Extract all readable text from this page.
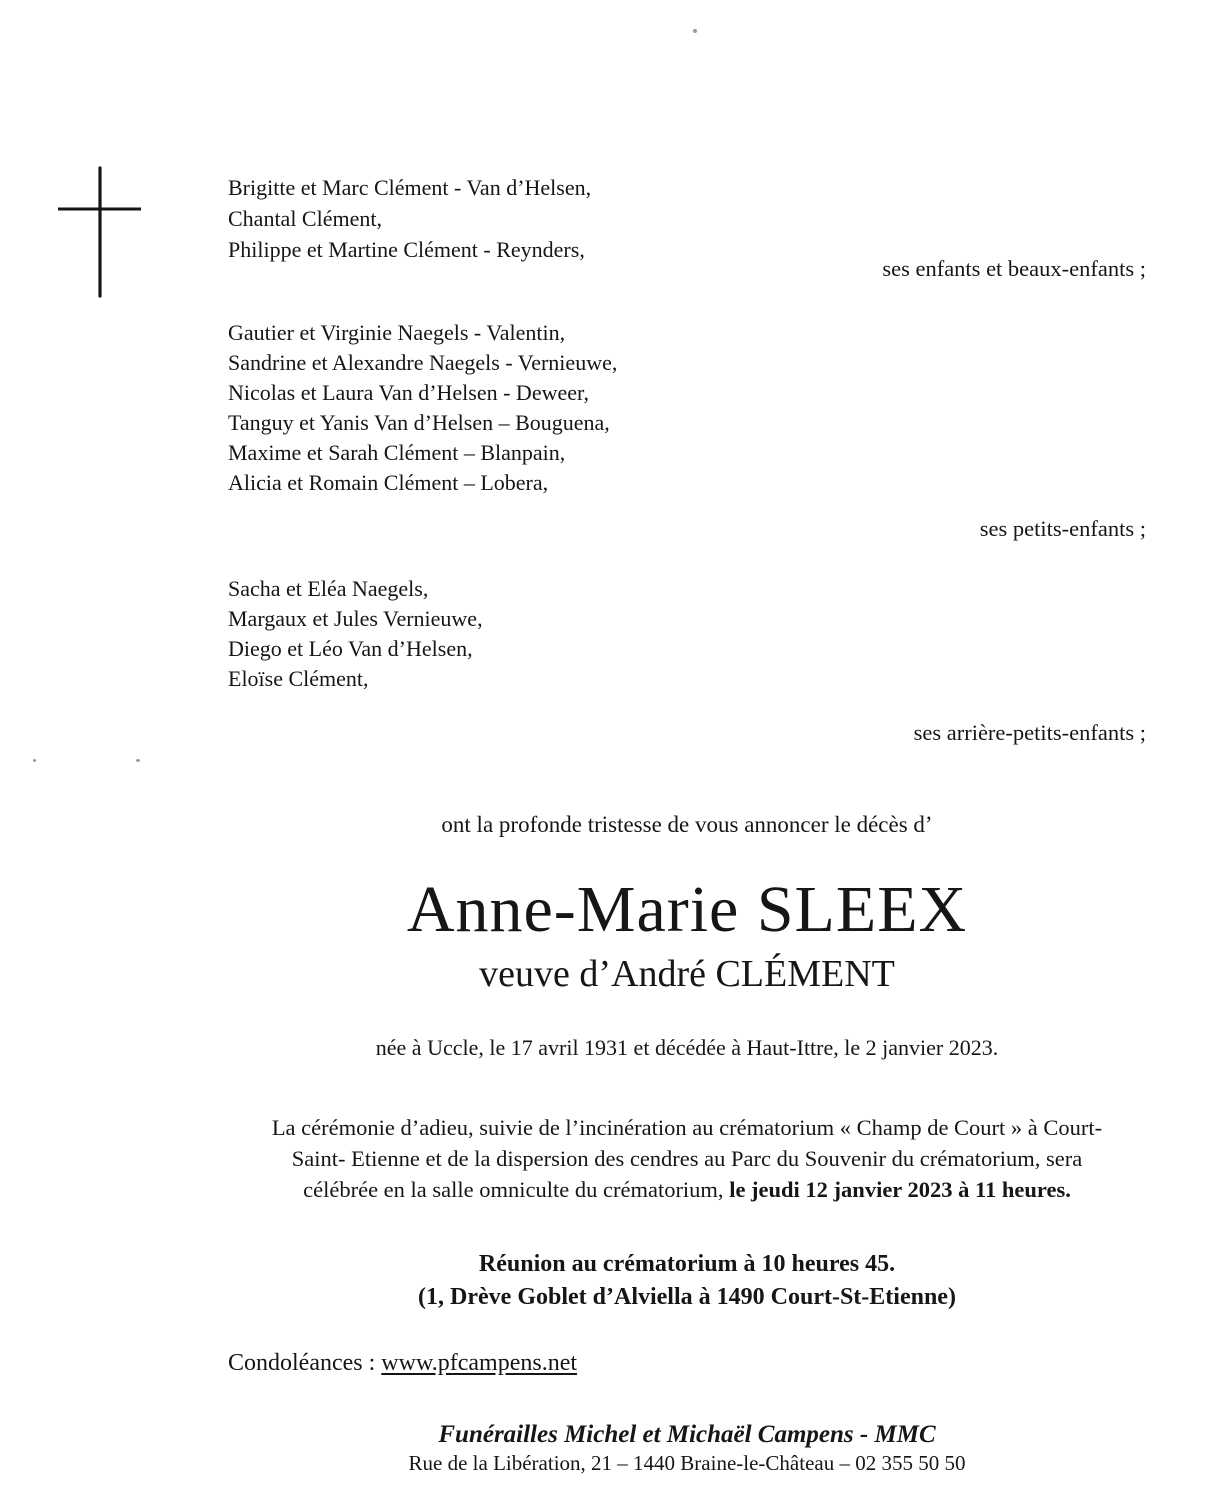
Brigitte et Marc Clément - Van d’Helsen,
Chantal Clément,
Philippe et Martine Clément - Reynders,
ses enfants et beaux-enfants ;
Gautier et Virginie Naegels - Valentin,
Sandrine et Alexandre Naegels - Vernieuwe,
Nicolas et Laura Van d’Helsen - Deweer,
Tanguy et Yanis Van d’Helsen – Bouguena,
Maxime et Sarah Clément – Blanpain,
Alicia et Romain Clément – Lobera,
ses petits-enfants ;
Sacha et Eléa Naegels,
Margaux et Jules Vernieuwe,
Diego et Léo Van d’Helsen,
Eloïse Clément,
ses arrière-petits-enfants ;
ont la profonde tristesse de vous annoncer le décès d’
Anne-Marie SLEEX
veuve d’André CLÉMENT
née à Uccle, le 17 avril 1931 et décédée à Haut-Ittre, le 2 janvier 2023.
La cérémonie d’adieu, suivie de l’incinération au crématorium « Champ de Court » à Court-
Saint- Etienne et de la dispersion des cendres au Parc du Souvenir du crématorium, sera
célébrée en la salle omniculte du crématorium, le jeudi 12 janvier 2023 à 11 heures.
Réunion au crématorium à 10 heures 45.
(1, Drève Goblet d’Alviella à 1490 Court-St-Etienne)
Condoléances : www.pfcampens.net
Funérailles Michel et Michaël Campens - MMC
Rue de la Libération, 21 – 1440 Braine-le-Château – 02 355 50 50
